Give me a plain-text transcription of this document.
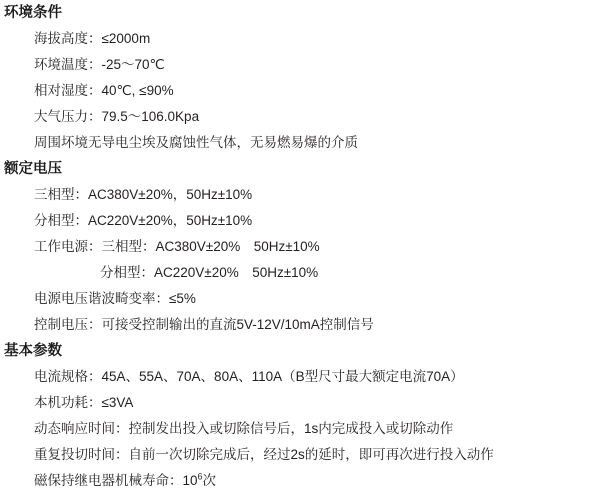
环境条件
海拔高度：≤2000m
环境温度：-25～70℃
相对湿度：40℃, ≤90%
大气压力：79.5～106.0Kpa
周围坏境无导电尘埃及腐蚀性气体，无易燃易爆的介质
额定电压
三相型：AC380V±20%，50Hz±10%
分相型：AC220V±20%，50Hz±10%
工作电源：三相型：AC380V±20%　50Hz±10%
分相型：AC220V±20%　50Hz±10%
电源电压谐波畸变率：≤5%
控制电压：可接受控制输出的直流5V-12V/10mA控制信号
基本参数
电流规格：45A、55A、70A、80A、110A（B型尺寸最大额定电流70A）
本机功耗：≤3VA
动态响应时间：控制发出投入或切除信号后，1s内完成投入或切除动作
重复投切时间：自前一次切除完成后，经过2s的延时，即可再次进行投入动作
磁保持继电器机械寿命：$10^6$次
